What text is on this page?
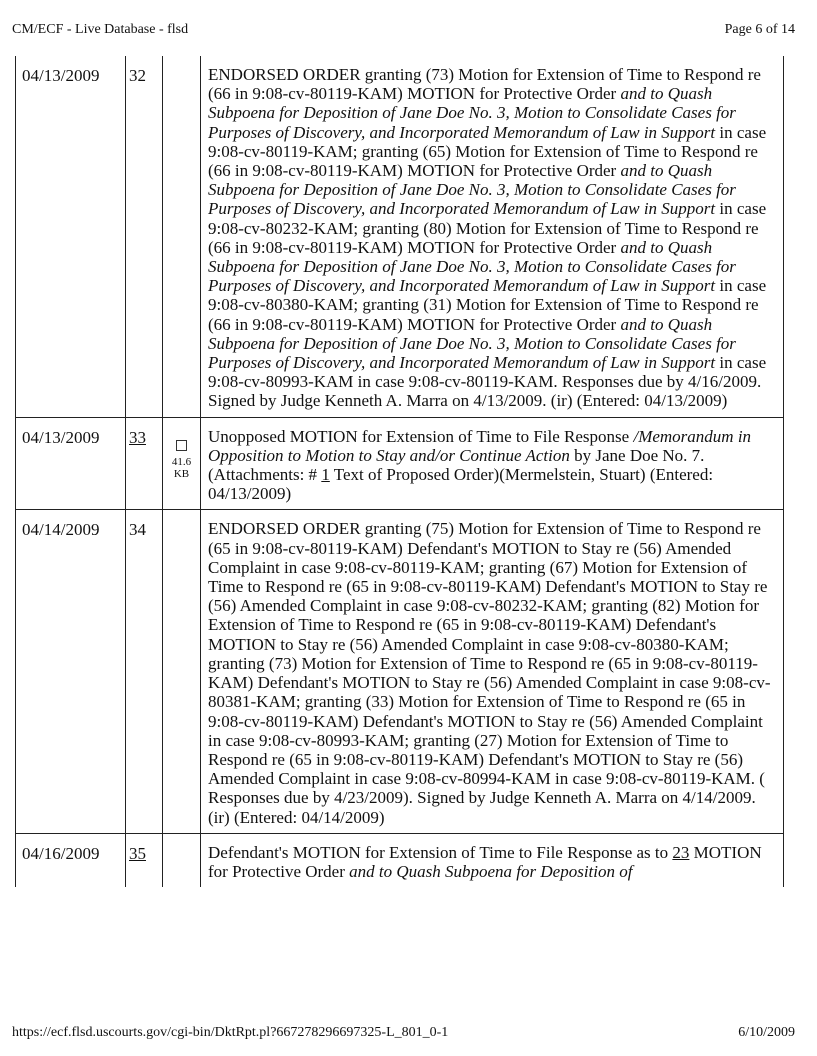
CM/ECF - Live Database - flsd	Page 6 of 14
04/13/2009	32		ENDORSED ORDER granting (73) Motion for Extension of Time to Respond re (66 in 9:08-cv-80119-KAM) MOTION for Protective Order and to Quash Subpoena for Deposition of Jane Doe No. 3, Motion to Consolidate Cases for Purposes of Discovery, and Incorporated Memorandum of Law in Support in case 9:08-cv-80119-KAM; granting (65) Motion for Extension of Time to Respond re (66 in 9:08-cv-80119-KAM) MOTION for Protective Order and to Quash Subpoena for Deposition of Jane Doe No. 3, Motion to Consolidate Cases for Purposes of Discovery, and Incorporated Memorandum of Law in Support in case 9:08-cv-80232-KAM; granting (80) Motion for Extension of Time to Respond re (66 in 9:08-cv-80119-KAM) MOTION for Protective Order and to Quash Subpoena for Deposition of Jane Doe No. 3, Motion to Consolidate Cases for Purposes of Discovery, and Incorporated Memorandum of Law in Support in case 9:08-cv-80380-KAM; granting (31) Motion for Extension of Time to Respond re (66 in 9:08-cv-80119-KAM) MOTION for Protective Order and to Quash Subpoena for Deposition of Jane Doe No. 3, Motion to Consolidate Cases for Purposes of Discovery, and Incorporated Memorandum of Law in Support in case 9:08-cv-80993-KAM in case 9:08-cv-80119-KAM. Responses due by 4/16/2009. Signed by Judge Kenneth A. Marra on 4/13/2009. (ir) (Entered: 04/13/2009)
04/13/2009	33	41.6 KB	Unopposed MOTION for Extension of Time to File Response /Memorandum in Opposition to Motion to Stay and/or Continue Action by Jane Doe No. 7. (Attachments: # 1 Text of Proposed Order)(Mermelstein, Stuart) (Entered: 04/13/2009)
04/14/2009	34		ENDORSED ORDER granting (75) Motion for Extension of Time to Respond re (65 in 9:08-cv-80119-KAM) Defendant's MOTION to Stay re (56) Amended Complaint in case 9:08-cv-80119-KAM; granting (67) Motion for Extension of Time to Respond re (65 in 9:08-cv-80119-KAM) Defendant's MOTION to Stay re (56) Amended Complaint in case 9:08-cv-80232-KAM; granting (82) Motion for Extension of Time to Respond re (65 in 9:08-cv-80119-KAM) Defendant's MOTION to Stay re (56) Amended Complaint in case 9:08-cv-80380-KAM; granting (73) Motion for Extension of Time to Respond re (65 in 9:08-cv-80119-KAM) Defendant's MOTION to Stay re (56) Amended Complaint in case 9:08-cv-80381-KAM; granting (33) Motion for Extension of Time to Respond re (65 in 9:08-cv-80119-KAM) Defendant's MOTION to Stay re (56) Amended Complaint in case 9:08-cv-80993-KAM; granting (27) Motion for Extension of Time to Respond re (65 in 9:08-cv-80119-KAM) Defendant's MOTION to Stay re (56) Amended Complaint in case 9:08-cv-80994-KAM in case 9:08-cv-80119-KAM. ( Responses due by 4/23/2009). Signed by Judge Kenneth A. Marra on 4/14/2009. (ir) (Entered: 04/14/2009)
04/16/2009	35		Defendant's MOTION for Extension of Time to File Response as to 23 MOTION for Protective Order and to Quash Subpoena for Deposition of
https://ecf.flsd.uscourts.gov/cgi-bin/DktRpt.pl?667278296697325-L_801_0-1	6/10/2009
